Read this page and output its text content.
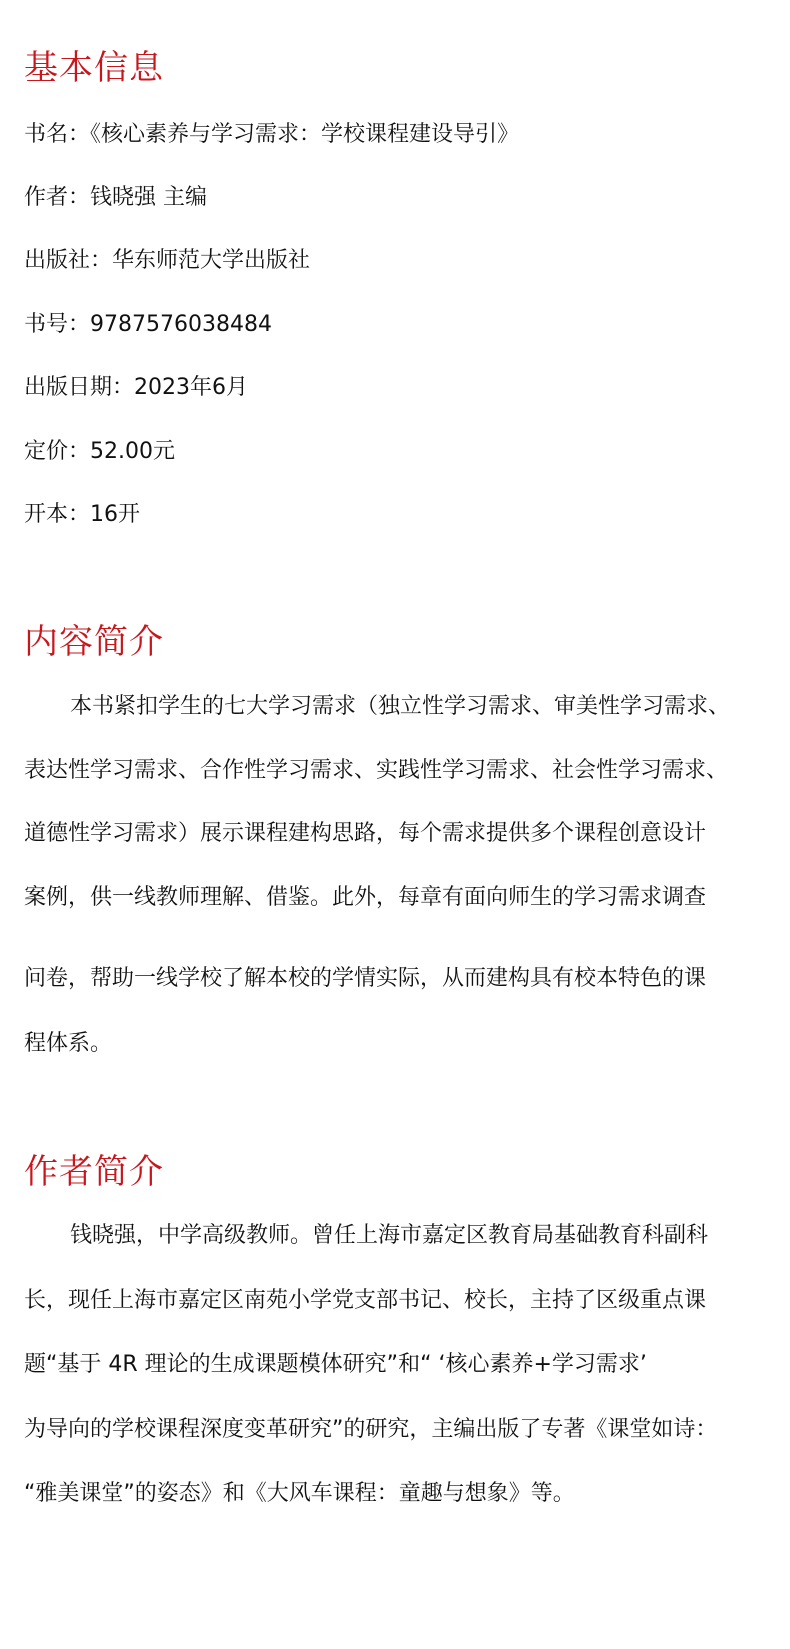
基本信息
书名：《核心素养与学习需求：学校课程建设导引》
作者：钱晓强 主编
出版社：华东师范大学出版社
书号：9787576038484
出版日期：2023年6月
定价：52.00元
开本：16开
内容简介
本书紧扣学生的七大学习需求（独立性学习需求、审美性学习需求、
表达性学习需求、合作性学习需求、实践性学习需求、社会性学习需求、
道德性学习需求）展示课程建构思路，每个需求提供多个课程创意设计
案例，供一线教师理解、借鉴。此外，每章有面向师生的学习需求调查
问卷，帮助一线学校了解本校的学情实际，从而建构具有校本特色的课
程体系。
作者简介
钱晓强，中学高级教师。曾任上海市嘉定区教育局基础教育科副科
长，现任上海市嘉定区南苑小学党支部书记、校长，主持了区级重点课
题“基于 4R 理论的生成课题模体研究”和“ ‘核心素养+学习需求’
为导向的学校课程深度变革研究”的研究，主编出版了专著《课堂如诗：
“雅美课堂”的姿态》和《大风车课程：童趣与想象》等。
